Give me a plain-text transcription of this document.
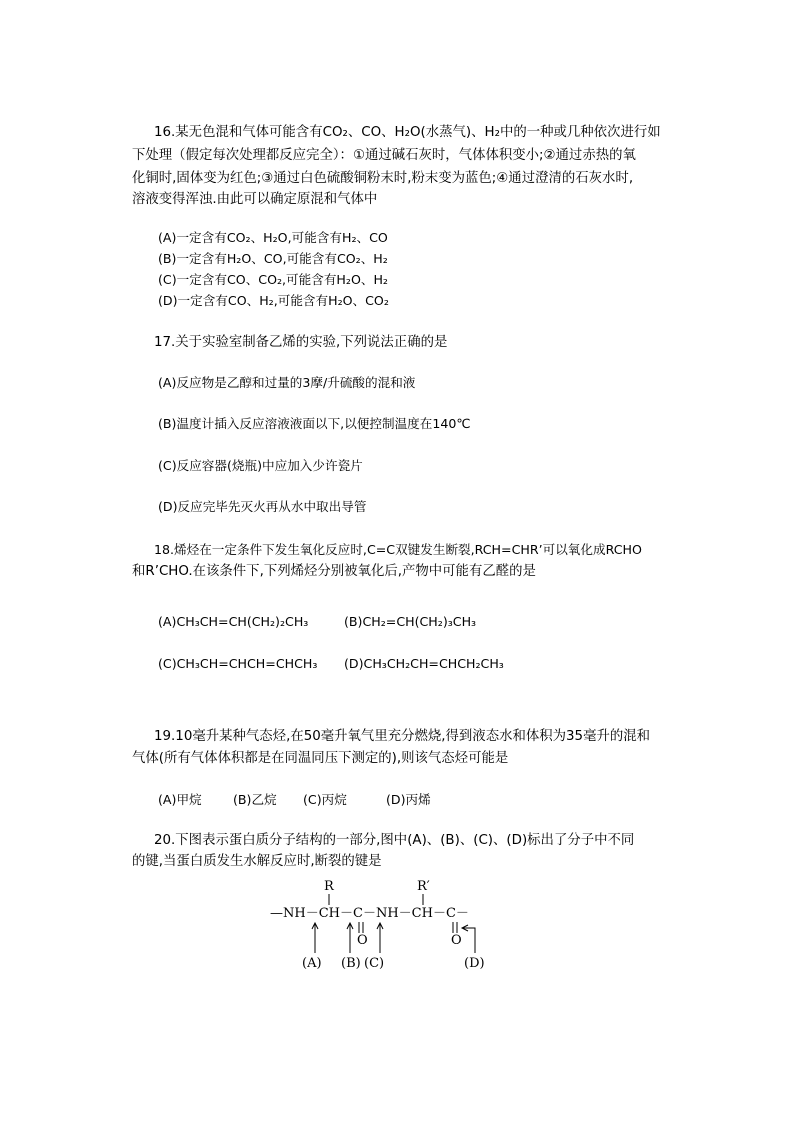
16.某无色混和气体可能含有CO₂、CO、H₂O(水蒸气)、H₂中的一种或几种依次进行如
下处理（假定每次处理都反应完全）：①通过碱石灰时，气体体积变小;②通过赤热的氧
化铜时,固体变为红色;③通过白色硫酸铜粉末时,粉末变为蓝色;④通过澄清的石灰水时,
溶液变得浑浊.由此可以确定原混和气体中
(A)一定含有CO₂、H₂O,可能含有H₂、CO
(B)一定含有H₂O、CO,可能含有CO₂、H₂
(C)一定含有CO、CO₂,可能含有H₂O、H₂
(D)一定含有CO、H₂,可能含有H₂O、CO₂
17.关于实验室制备乙烯的实验,下列说法正确的是
(A)反应物是乙醇和过量的3摩/升硫酸的混和液
(B)温度计插入反应溶液液面以下,以便控制温度在140℃
(C)反应容器(烧瓶)中应加入少许瓷片
(D)反应完毕先灭火再从水中取出导管
18.烯烃在一定条件下发生氧化反应时,C=C双键发生断裂,RCH=CHR’可以氧化成RCHO
和R’CHO.在该条件下,下列烯烃分别被氧化后,产物中可能有乙醛的是
(A)CH₃CH=CH(CH₂)₂CH₃	(B)CH₂=CH(CH₂)₃CH₃
(C)CH₃CH=CHCH=CHCH₃ (D)CH₃CH₂CH=CHCH₂CH₃
19.10毫升某种气态烃,在50毫升氧气里充分燃烧,得到液态水和体积为35毫升的混和
气体(所有气体体积都是在同温同压下测定的),则该气态烃可能是
(A)甲烷 (B)乙烷 (C)丙烷	(D)丙烯
20.下图表示蛋白质分子结构的一部分,图中(A)、(B)、(C)、(D)标出了分子中不同
的键,当蛋白质发生水解反应时,断裂的键是
R	R′
—NH－CH－C－NH－CH－C－
O	O
(A) (B) (C)	(D)
